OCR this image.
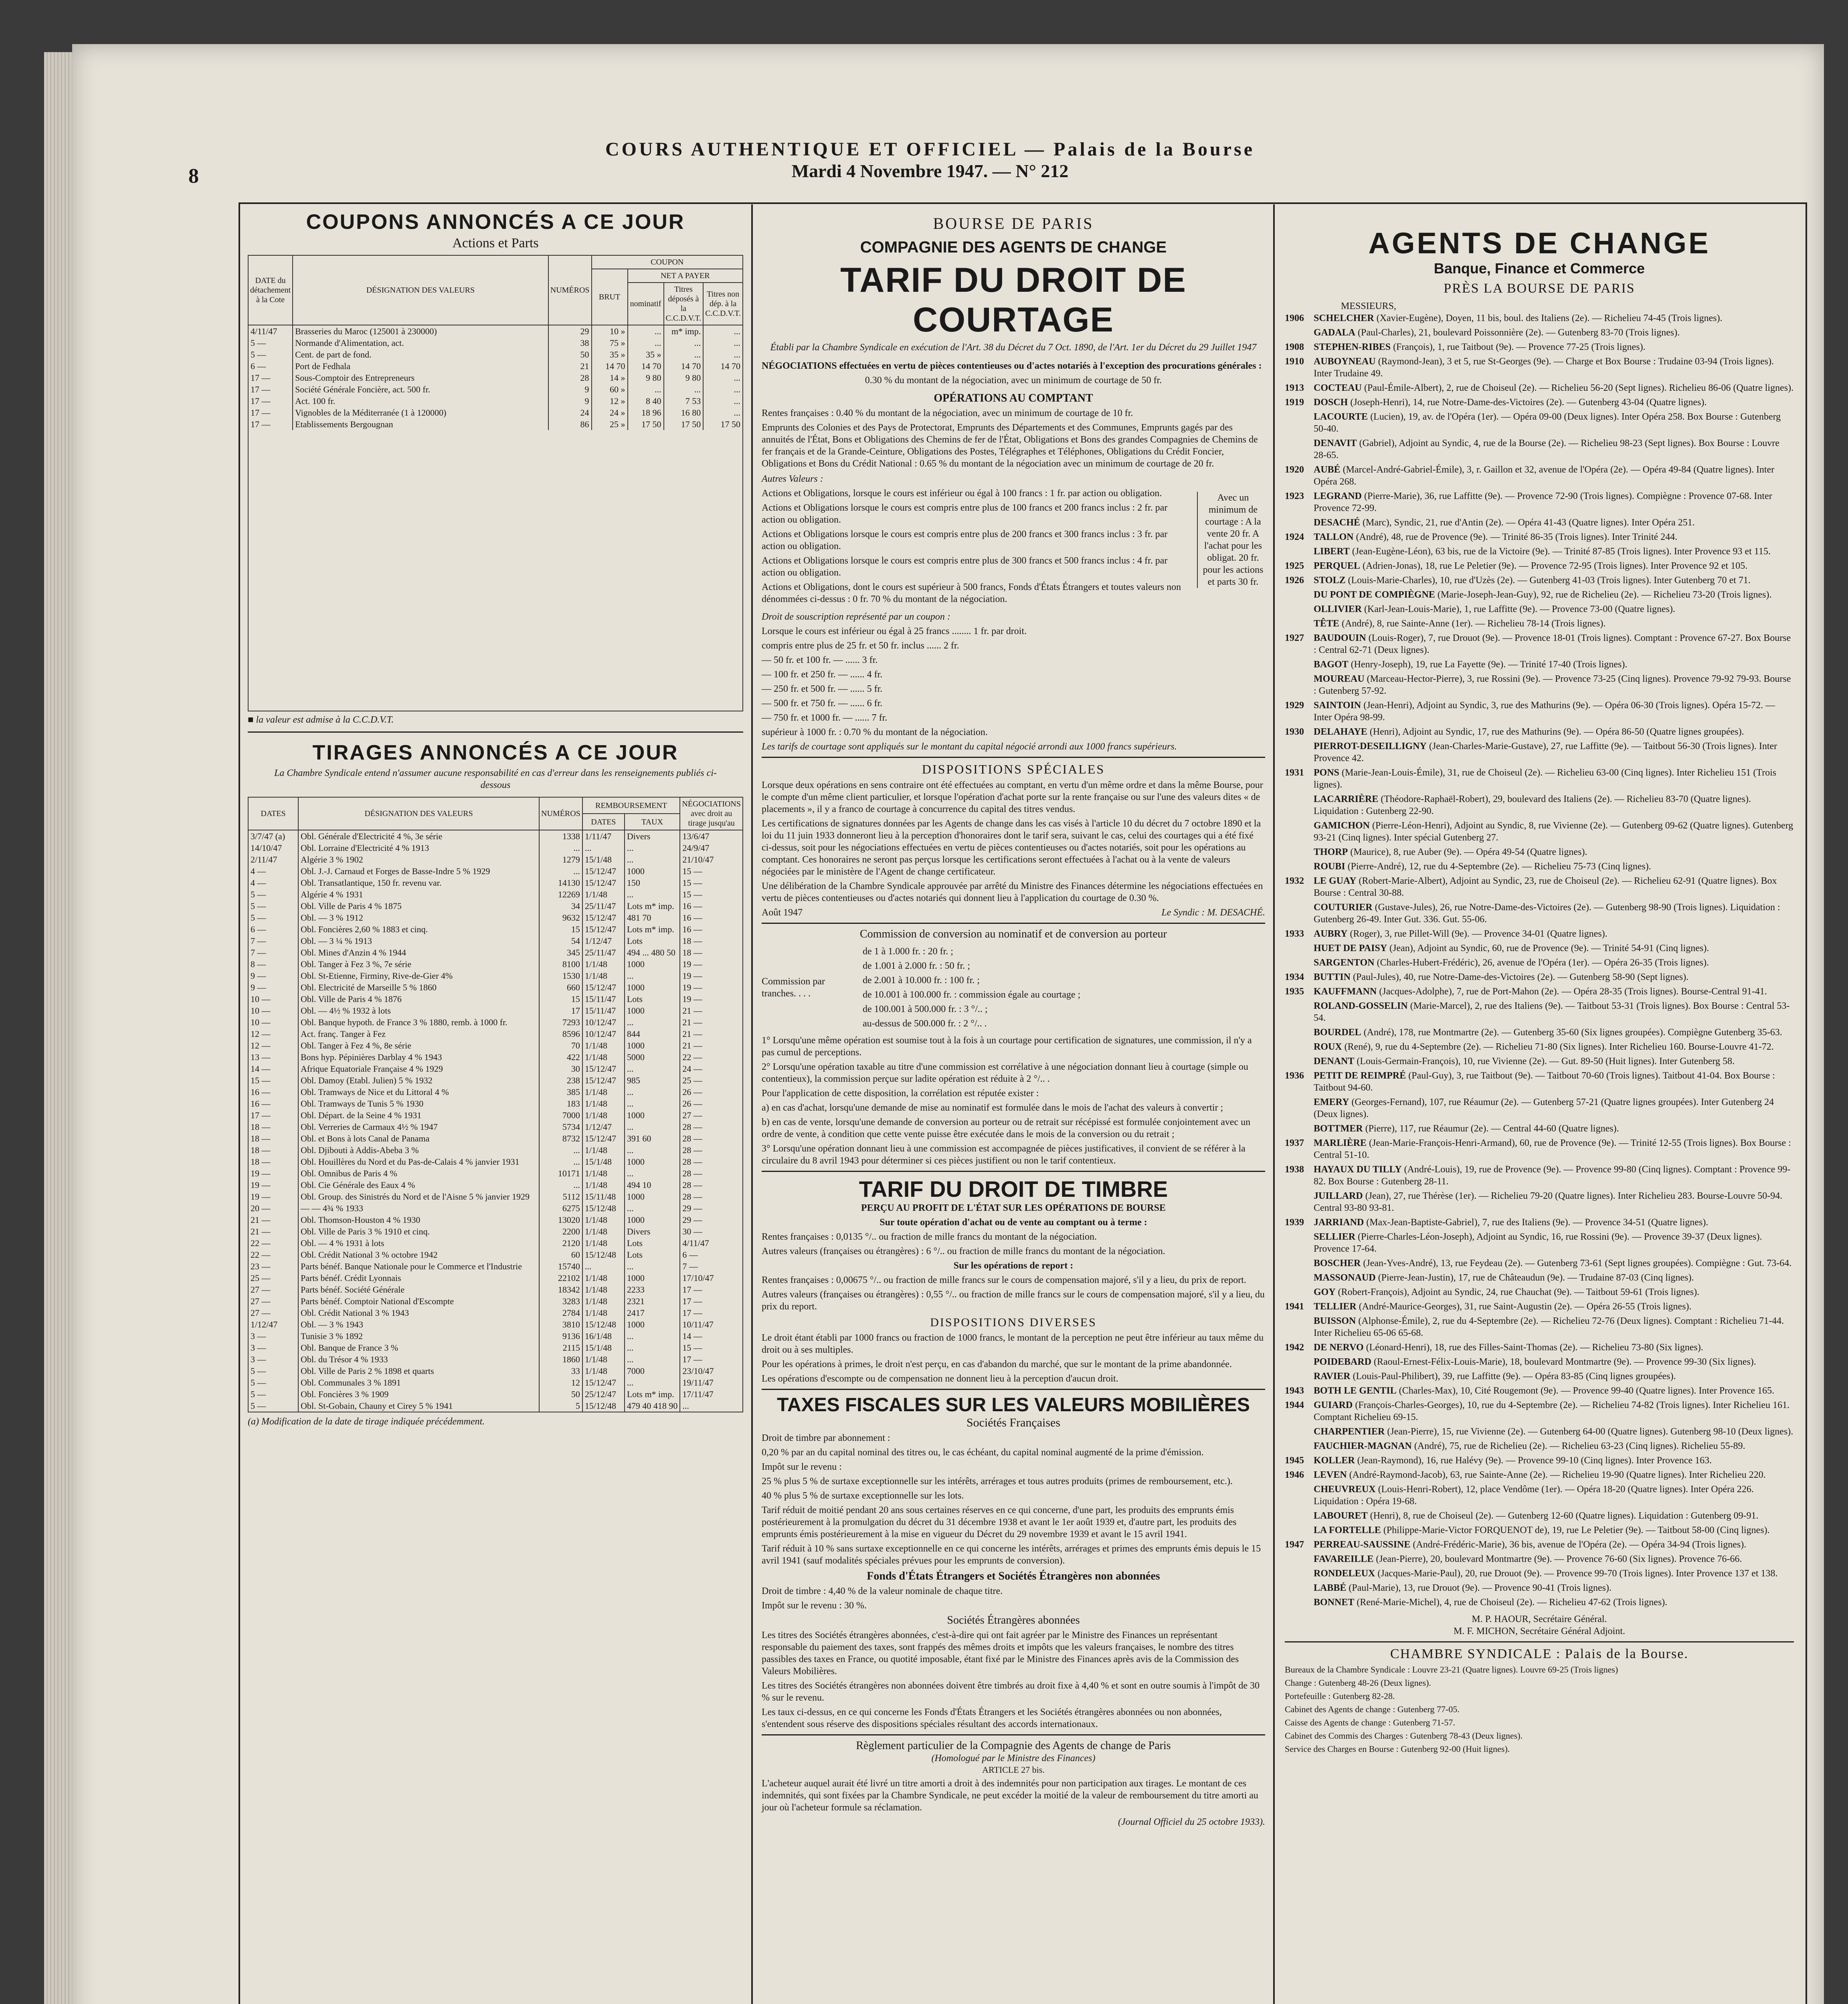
8
COURS AUTHENTIQUE ET OFFICIEL — Palais de la Bourse
Mardi 4 Novembre 1947. — N° 212
COUPONS ANNONCÉS A CE JOUR
Actions et Parts
DATE du détachement à la Cote	DÉSIGNATION DES VALEURS	NUMÉROS	COUPON			
			BRUT	NET A PAYER		
				nominatif	Titres déposés à la C.C.D.V.T.	Titres non dép. à la C.C.D.V.T.
4/11/47	Brasseries du Maroc (125001 à 230000)	29	10 »	...	m* imp.	...
5 —	Normande d'Alimentation, act.	38	75 »	...	...	...
5 —	Cent. de part de fond.	50	35 »	35 »	...	...
6 —	Port de Fedhala	21	14 70	14 70	14 70	14 70
17 —	Sous-Comptoir des Entrepreneurs	28	14 »	9 80	9 80	...
17 —	Société Générale Foncière, act. 500 fr.	9	60 »	...	...	...
17 —	Act. 100 fr.	9	12 »	8 40	7 53	...
17 —	Vignobles de la Méditerranée (1 à 120000)	24	24 »	18 96	16 80	...
17 —	Etablissements Bergougnan	86	25 »	17 50	17 50	17 50
■ la valeur est admise à la C.C.D.V.T.
TIRAGES ANNONCÉS A CE JOUR
La Chambre Syndicale entend n'assumer aucune responsabilité en cas d'erreur dans les renseignements publiés ci-dessous
DATES	DÉSIGNATION DES VALEURS	NUMÉROS	REMBOURSEMENT		NÉGOCIATIONS avec droit au tirage jusqu'au
			DATES	TAUX	
3/7/47 (a)	Obl. Générale d'Electricité 4 %, 3e série	1338	1/11/47	Divers	13/6/47
14/10/47	Obl. Lorraine d'Electricité 4 % 1913	...	...	...	24/9/47
2/11/47	Algérie 3 % 1902	1279	15/1/48	...	21/10/47
4 —	Obl. J.-J. Carnaud et Forges de Basse-Indre 5 % 1929	...	15/12/47	1000	15 —
4 —	Obl. Transatlantique, 150 fr. revenu var.	14130	15/12/47	150	15 —
5 —	Algérie 4 % 1931	12269	1/1/48	...	15 —
5 —	Obl. Ville de Paris 4 % 1875	34	25/11/47	Lots m* imp.	16 —
5 —	Obl. — 3 % 1912	9632	15/12/47	481 70	16 —
6 —	Obl. Foncières 2,60 % 1883 et cinq.	15	15/12/47	Lots m* imp.	16 —
7 —	Obl. — 3 ¼ % 1913	54	1/12/47	Lots	18 —
7 —	Obl. Mines d'Anzin 4 % 1944	345	25/11/47	494 ... 480 50	18 —
8 —	Obl. Tanger à Fez 3 %, 7e série	8100	1/1/48	1000	19 —
9 —	Obl. St-Etienne, Firminy, Rive-de-Gier 4%	1530	1/1/48	...	19 —
9 —	Obl. Electricité de Marseille 5 % 1860	660	15/12/47	1000	19 —
10 —	Obl. Ville de Paris 4 % 1876	15	15/11/47	Lots	19 —
10 —	Obl. — 4½ % 1932 à lots	17	15/11/47	1000	21 —
10 —	Obl. Banque hypoth. de France 3 % 1880, remb. à 1000 fr.	7293	10/12/47	...	21 —
12 —	Act. franç. Tanger à Fez	8596	10/12/47	844	21 —
12 —	Obl. Tanger à Fez 4 %, 8e série	70	1/1/48	1000	21 —
13 —	Bons hyp. Pépinières Darblay 4 % 1943	422	1/1/48	5000	22 —
14 —	Afrique Equatoriale Française 4 % 1929	30	15/12/47	...	24 —
15 —	Obl. Damoy (Etabl. Julien) 5 % 1932	238	15/12/47	985	25 —
16 —	Obl. Tramways de Nice et du Littoral 4 %	385	1/1/48	...	26 —
16 —	Obl. Tramways de Tunis 5 % 1930	183	1/1/48	...	26 —
17 —	Obl. Départ. de la Seine 4 % 1931	7000	1/1/48	1000	27 —
18 —	Obl. Verreries de Carmaux 4½ % 1947	5734	1/12/47	...	28 —
18 —	Obl. et Bons à lots Canal de Panama	8732	15/12/47	391 60	28 —
18 —	Obl. Djibouti à Addis-Abeba 3 %	...	1/1/48	...	28 —
18 —	Obl. Houillères du Nord et du Pas-de-Calais 4 % janvier 1931	...	15/1/48	1000	28 —
19 —	Obl. Omnibus de Paris 4 %	10171	1/1/48	...	28 —
19 —	Obl. Cie Générale des Eaux 4 %	...	1/1/48	494 10	28 —
19 —	Obl. Group. des Sinistrés du Nord et de l'Aisne 5 % janvier 1929	5112	15/11/48	1000	28 —
20 —	— — 4¾ % 1933	6275	15/12/48	...	29 —
21 —	Obl. Thomson-Houston 4 % 1930	13020	1/1/48	1000	29 —
21 —	Obl. Ville de Paris 3 % 1910 et cinq.	2200	1/1/48	Divers	30 —
22 —	Obl. — 4 % 1931 à lots	2120	1/1/48	Lots	4/11/47
22 —	Obl. Crédit National 3 % octobre 1942	60	15/12/48	Lots	6 —
23 —	Parts bénéf. Banque Nationale pour le Commerce et l'Industrie	15740	...	...	7 —
25 —	Parts bénéf. Crédit Lyonnais	22102	1/1/48	1000	17/10/47
27 —	Parts bénéf. Société Générale	18342	1/1/48	2233	17 —
27 —	Parts bénéf. Comptoir National d'Escompte	3283	1/1/48	2321	17 —
27 —	Obl. Crédit National 3 % 1943	2784	1/1/48	2417	17 —
1/12/47	Obl. — 3 % 1943	3810	15/12/48	1000	10/11/47
3 —	Tunisie 3 % 1892	9136	16/1/48	...	14 —
3 —	Obl. Banque de France 3 %	2115	15/1/48	...	15 —
3 —	Obl. du Trésor 4 % 1933	1860	1/1/48	...	17 —
5 —	Obl. Ville de Paris 2 % 1898 et quarts	33	1/1/48	7000	23/10/47
5 —	Obl. Communales 3 % 1891	12	15/12/47	...	19/11/47
5 —	Obl. Foncières 3 % 1909	50	25/12/47	Lots m* imp.	17/11/47
5 —	Obl. St-Gobain, Chauny et Cirey 5 % 1941	5	15/12/48	479 40 418 90	...
(a) Modification de la date de tirage indiquée précédemment.
BOURSE DE PARIS
COMPAGNIE DES AGENTS DE CHANGE
TARIF DU DROIT DE COURTAGE
Établi par la Chambre Syndicale en exécution de l'Art. 38 du Décret du 7 Oct. 1890, de l'Art. 1er du Décret du 29 Juillet 1947

NÉGOCIATIONS effectuées en vertu de pièces contentieuses ou d'actes notariés à l'exception des procurations générales :

0.30 % du montant de la négociation, avec un minimum de courtage de 50 fr.

OPÉRATIONS AU COMPTANT

Rentes françaises : 0.40 % du montant de la négociation, avec un minimum de courtage de 10 fr.

Emprunts des Colonies et des Pays de Protectorat, Emprunts des Départements et des Communes, Emprunts gagés par des annuités de l'État, Bons et Obligations des Chemins de fer de l'État, Obligations et Bons des grandes Compagnies de Chemins de fer français et de la Grande-Ceinture, Obligations des Postes, Télégraphes et Téléphones, Obligations du Crédit Foncier, Obligations et Bons du Crédit National : 0.65 % du montant de la négociation avec un minimum de courtage de 20 fr.

Autres Valeurs :

Actions et Obligations, lorsque le cours est inférieur ou égal à 100 francs : 1 fr. par action ou obligation.

Actions et Obligations lorsque le cours est compris entre plus de 100 francs et 200 francs inclus : 2 fr. par action ou obligation.

Actions et Obligations lorsque le cours est compris entre plus de 200 francs et 300 francs inclus : 3 fr. par action ou obligation.

Actions et Obligations lorsque le cours est compris entre plus de 300 francs et 500 francs inclus : 4 fr. par action ou obligation.

Actions et Obligations, dont le cours est supérieur à 500 francs, Fonds d'États Étrangers et toutes valeurs non dénommées ci-dessus : 0 fr. 70 % du montant de la négociation.

Avec un minimum de courtage : A la vente 20 fr. A l'achat pour les obligat. 20 fr. pour les actions et parts 30 fr.

Droit de souscription représenté par un coupon :

Lorsque le cours est inférieur ou égal à 25 francs ........ 1 fr. par droit.

compris entre plus de 25 fr. et 50 fr. inclus ...... 2 fr.

— 50 fr. et 100 fr. — ...... 3 fr.

— 100 fr. et 250 fr. — ...... 4 fr.

— 250 fr. et 500 fr. — ...... 5 fr.

— 500 fr. et 750 fr. — ...... 6 fr.

— 750 fr. et 1000 fr. — ...... 7 fr.

supérieur à 1000 fr. : 0.70 % du montant de la négociation.

Les tarifs de courtage sont appliqués sur le montant du capital négocié arrondi aux 1000 francs supérieurs.

DISPOSITIONS SPÉCIALES

Lorsque deux opérations en sens contraire ont été effectuées au comptant, en vertu d'un même ordre et dans la même Bourse, pour le compte d'un même client particulier, et lorsque l'opération d'achat porte sur la rente française ou sur l'une des valeurs dites « de placements », il y a franco de courtage à concurrence du capital des titres vendus.

Les certifications de signatures données par les Agents de change dans les cas visés à l'article 10 du décret du 7 octobre 1890 et la loi du 11 juin 1933 donneront lieu à la perception d'honoraires dont le tarif sera, suivant le cas, celui des courtages qui a été fixé ci-dessus, soit pour les négociations effectuées en vertu de pièces contentieuses ou d'actes notariés, soit pour les opérations au comptant. Ces honoraires ne seront pas perçus lorsque les certifications seront effectuées à l'achat ou à la vente de valeurs négociées par le ministère de l'Agent de change certificateur.

Une délibération de la Chambre Syndicale approuvée par arrêté du Ministre des Finances détermine les négociations effectuées en vertu de pièces contentieuses ou d'actes notariés qui donnent lieu à l'application du courtage de 0.30 %.

Août 1947	Le Syndic : M. DESACHÉ.
Commission de conversion au nominatif et de conversion au porteur
Commission par tranches. . . .

de 1 à 1.000 fr. : 20 fr. ;

de 1.001 à 2.000 fr. : 50 fr. ;

de 2.001 à 10.000 fr. : 100 fr. ;

de 10.001 à 100.000 fr. : commission égale au courtage ;

de 100.001 à 500.000 fr. : 3 °/.. ;

au-dessus de 500.000 fr. : 2 °/.. .

1° Lorsqu'une même opération est soumise tout à la fois à un courtage pour certification de signatures, une commission, il n'y a pas cumul de perceptions.

2° Lorsqu'une opération taxable au titre d'une commission est corrélative à une négociation donnant lieu à courtage (simple ou contentieux), la commission perçue sur ladite opération est réduite à 2 °/.. .

Pour l'application de cette disposition, la corrélation est réputée exister :

a) en cas d'achat, lorsqu'une demande de mise au nominatif est formulée dans le mois de l'achat des valeurs à convertir ;

b) en cas de vente, lorsqu'une demande de conversion au porteur ou de retrait sur récépissé est formulée conjointement avec un ordre de vente, à condition que cette vente puisse être exécutée dans le mois de la conversion ou du retrait ;

3° Lorsqu'une opération donnant lieu à une commission est accompagnée de pièces justificatives, il convient de se référer à la circulaire du 8 avril 1943 pour déterminer si ces pièces justifient ou non le tarif contentieux.

TARIF DU DROIT DE TIMBRE
PERÇU AU PROFIT DE L'ÉTAT SUR LES OPÉRATIONS DE BOURSE

Sur toute opération d'achat ou de vente au comptant ou à terme :

Rentes françaises : 0,0135 °/.. ou fraction de mille francs du montant de la négociation.

Autres valeurs (françaises ou étrangères) : 6 °/.. ou fraction de mille francs du montant de la négociation.

Sur les opérations de report :

Rentes françaises : 0,00675 °/.. ou fraction de mille francs sur le cours de compensation majoré, s'il y a lieu, du prix de report.

Autres valeurs (françaises ou étrangères) : 0,55 °/.. ou fraction de mille francs sur le cours de compensation majoré, s'il y a lieu, du prix du report.

DISPOSITIONS DIVERSES

Le droit étant établi par 1000 francs ou fraction de 1000 francs, le montant de la perception ne peut être inférieur au taux même du droit ou à ses multiples.

Pour les opérations à primes, le droit n'est perçu, en cas d'abandon du marché, que sur le montant de la prime abandonnée.

Les opérations d'escompte ou de compensation ne donnent lieu à la perception d'aucun droit.

TAXES FISCALES SUR LES VALEURS MOBILIÈRES
Sociétés Françaises

Droit de timbre par abonnement :

0,20 % par an du capital nominal des titres ou, le cas échéant, du capital nominal augmenté de la prime d'émission.

Impôt sur le revenu :

25 % plus 5 % de surtaxe exceptionnelle sur les intérêts, arrérages et tous autres produits (primes de remboursement, etc.).

40 % plus 5 % de surtaxe exceptionnelle sur les lots.

Tarif réduit de moitié pendant 20 ans sous certaines réserves en ce qui concerne, d'une part, les produits des emprunts émis postérieurement à la promulgation du décret du 31 décembre 1938 et avant le 1er août 1939 et, d'autre part, les produits des emprunts émis postérieurement à la mise en vigueur du Décret du 29 novembre 1939 et avant le 15 avril 1941.

Tarif réduit à 10 % sans surtaxe exceptionnelle en ce qui concerne les intérêts, arrérages et primes des emprunts émis depuis le 15 avril 1941 (sauf modalités spéciales prévues pour les emprunts de conversion).

Fonds d'États Étrangers et Sociétés Étrangères non abonnées

Droit de timbre : 4,40 % de la valeur nominale de chaque titre.

Impôt sur le revenu : 30 %.

Sociétés Étrangères abonnées

Les titres des Sociétés étrangères abonnées, c'est-à-dire qui ont fait agréer par le Ministre des Finances un représentant responsable du paiement des taxes, sont frappés des mêmes droits et impôts que les valeurs françaises, le nombre des titres passibles des taxes en France, ou quotité imposable, étant fixé par le Ministre des Finances après avis de la Commission des Valeurs Mobilières.

Les titres des Sociétés étrangères non abonnées doivent être timbrés au droit fixe à 4,40 % et sont en outre soumis à l'impôt de 30 % sur le revenu.

Les taux ci-dessus, en ce qui concerne les Fonds d'États Étrangers et les Sociétés étrangères abonnées ou non abonnées, s'entendent sous réserve des dispositions spéciales résultant des accords internationaux.

Règlement particulier de la Compagnie des Agents de change de Paris
(Homologué par le Ministre des Finances)
ARTICLE 27 bis.

L'acheteur auquel aurait été livré un titre amorti a droit à des indemnités pour non participation aux tirages. Le montant de ces indemnités, qui sont fixées par la Chambre Syndicale, ne peut excéder la moitié de la valeur de remboursement du titre amorti au jour où l'acheteur formule sa réclamation.

(Journal Officiel du 25 octobre 1933).
AGENTS DE CHANGE
Banque, Finance et Commerce
PRÈS LA BOURSE DE PARIS
MESSIEURS,
1906 SCHELCHER (Xavier-Eugène), Doyen, 11 bis, boul. des Italiens (2e). — Richelieu 74-45 (Trois lignes).
GADALA (Paul-Charles), 21, boulevard Poissonnière (2e). — Gutenberg 83-70 (Trois lignes).
1908 STEPHEN-RIBES (François), 1, rue Taitbout (9e). — Provence 77-25 (Trois lignes).
1910 AUBOYNEAU (Raymond-Jean), 3 et 5, rue St-Georges (9e). — Charge et Box Bourse : Trudaine 03-94 (Trois lignes). Inter Trudaine 49.
1913 COCTEAU (Paul-Émile-Albert), 2, rue de Choiseul (2e). — Richelieu 56-20 (Sept lignes). Richelieu 86-06 (Quatre lignes).
1919 DOSCH (Joseph-Henri), 14, rue Notre-Dame-des-Victoires (2e). — Gutenberg 43-04 (Quatre lignes).
LACOURTE (Lucien), 19, av. de l'Opéra (1er). — Opéra 09-00 (Deux lignes). Inter Opéra 258. Box Bourse : Gutenberg 50-40.
DENAVIT (Gabriel), Adjoint au Syndic, 4, rue de la Bourse (2e). — Richelieu 98-23 (Sept lignes). Box Bourse : Louvre 28-65.
1920 AUBÉ (Marcel-André-Gabriel-Émile), 3, r. Gaillon et 32, avenue de l'Opéra (2e). — Opéra 49-84 (Quatre lignes). Inter Opéra 268.
1923 LEGRAND (Pierre-Marie), 36, rue Laffitte (9e). — Provence 72-90 (Trois lignes). Compiègne : Provence 07-68. Inter Provence 72-99.
DESACHÉ (Marc), Syndic, 21, rue d'Antin (2e). — Opéra 41-43 (Quatre lignes). Inter Opéra 251.
1924 TALLON (André), 48, rue de Provence (9e). — Trinité 86-35 (Trois lignes). Inter Trinité 244.
LIBERT (Jean-Eugène-Léon), 63 bis, rue de la Victoire (9e). — Trinité 87-85 (Trois lignes). Inter Provence 93 et 115.
1925 PERQUEL (Adrien-Jonas), 18, rue Le Peletier (9e). — Provence 72-95 (Trois lignes). Inter Provence 92 et 105.
1926 STOLZ (Louis-Marie-Charles), 10, rue d'Uzès (2e). — Gutenberg 41-03 (Trois lignes). Inter Gutenberg 70 et 71.
DU PONT DE COMPIÈGNE (Marie-Joseph-Jean-Guy), 92, rue de Richelieu (2e). — Richelieu 73-20 (Trois lignes).
OLLIVIER (Karl-Jean-Louis-Marie), 1, rue Laffitte (9e). — Provence 73-00 (Quatre lignes).
TÊTE (André), 8, rue Sainte-Anne (1er). — Richelieu 78-14 (Trois lignes).
1927 BAUDOUIN (Louis-Roger), 7, rue Drouot (9e). — Provence 18-01 (Trois lignes). Comptant : Provence 67-27. Box Bourse : Central 62-71 (Deux lignes).
BAGOT (Henry-Joseph), 19, rue La Fayette (9e). — Trinité 17-40 (Trois lignes).
MOUREAU (Marceau-Hector-Pierre), 3, rue Rossini (9e). — Provence 73-25 (Cinq lignes). Provence 79-92 79-93. Bourse : Gutenberg 57-92.
1929 SAINTOIN (Jean-Henri), Adjoint au Syndic, 3, rue des Mathurins (9e). — Opéra 06-30 (Trois lignes). Opéra 15-72. — Inter Opéra 98-99.
1930 DELAHAYE (Henri), Adjoint au Syndic, 17, rue des Mathurins (9e). — Opéra 86-50 (Quatre lignes groupées).
PIERROT-DESEILLIGNY (Jean-Charles-Marie-Gustave), 27, rue Laffitte (9e). — Taitbout 56-30 (Trois lignes). Inter Provence 42.
1931 PONS (Marie-Jean-Louis-Émile), 31, rue de Choiseul (2e). — Richelieu 63-00 (Cinq lignes). Inter Richelieu 151 (Trois lignes).
LACARRIÈRE (Théodore-Raphaël-Robert), 29, boulevard des Italiens (2e). — Richelieu 83-70 (Quatre lignes). Liquidation : Gutenberg 22-90.
GAMICHON (Pierre-Léon-Henri), Adjoint au Syndic, 8, rue Vivienne (2e). — Gutenberg 09-62 (Quatre lignes). Gutenberg 93-21 (Cinq lignes). Inter spécial Gutenberg 27.
THORP (Maurice), 8, rue Auber (9e). — Opéra 49-54 (Quatre lignes).
ROUBI (Pierre-André), 12, rue du 4-Septembre (2e). — Richelieu 75-73 (Cinq lignes).
1932 LE GUAY (Robert-Marie-Albert), Adjoint au Syndic, 23, rue de Choiseul (2e). — Richelieu 62-91 (Quatre lignes). Box Bourse : Central 30-88.
COUTURIER (Gustave-Jules), 26, rue Notre-Dame-des-Victoires (2e). — Gutenberg 98-90 (Trois lignes). Liquidation : Gutenberg 26-49. Inter Gut. 336. Gut. 55-06.
1933 AUBRY (Roger), 3, rue Pillet-Will (9e). — Provence 34-01 (Quatre lignes).
HUET DE PAISY (Jean), Adjoint au Syndic, 60, rue de Provence (9e). — Trinité 54-91 (Cinq lignes).
SARGENTON (Charles-Hubert-Frédéric), 26, avenue de l'Opéra (1er). — Opéra 26-35 (Trois lignes).
1934 BUTTIN (Paul-Jules), 40, rue Notre-Dame-des-Victoires (2e). — Gutenberg 58-90 (Sept lignes).
1935 KAUFFMANN (Jacques-Adolphe), 7, rue de Port-Mahon (2e). — Opéra 28-35 (Trois lignes). Bourse-Central 91-41.
ROLAND-GOSSELIN (Marie-Marcel), 2, rue des Italiens (9e). — Taitbout 53-31 (Trois lignes). Box Bourse : Central 53-54.
BOURDEL (André), 178, rue Montmartre (2e). — Gutenberg 35-60 (Six lignes groupées). Compiègne Gutenberg 35-63.
ROUX (René), 9, rue du 4-Septembre (2e). — Richelieu 71-80 (Six lignes). Inter Richelieu 160. Bourse-Louvre 41-72.
DENANT (Louis-Germain-François), 10, rue Vivienne (2e). — Gut. 89-50 (Huit lignes). Inter Gutenberg 58.
1936 PETIT DE REIMPRÉ (Paul-Guy), 3, rue Taitbout (9e). — Taitbout 70-60 (Trois lignes). Taitbout 41-04. Box Bourse : Taitbout 94-60.
EMERY (Georges-Fernand), 107, rue Réaumur (2e). — Gutenberg 57-21 (Quatre lignes groupées). Inter Gutenberg 24 (Deux lignes).
BOTTMER (Pierre), 117, rue Réaumur (2e). — Central 44-60 (Quatre lignes).
1937 MARLIÈRE (Jean-Marie-François-Henri-Armand), 60, rue de Provence (9e). — Trinité 12-55 (Trois lignes). Box Bourse : Central 51-10.
1938 HAYAUX DU TILLY (André-Louis), 19, rue de Provence (9e). — Provence 99-80 (Cinq lignes). Comptant : Provence 99-82. Box Bourse : Gutenberg 28-11.
JUILLARD (Jean), 27, rue Thérèse (1er). — Richelieu 79-20 (Quatre lignes). Inter Richelieu 283. Bourse-Louvre 50-94. Central 93-80 93-81.
1939 JARRIAND (Max-Jean-Baptiste-Gabriel), 7, rue des Italiens (9e). — Provence 34-51 (Quatre lignes).
SELLIER (Pierre-Charles-Léon-Joseph), Adjoint au Syndic, 16, rue Rossini (9e). — Provence 39-37 (Deux lignes). Provence 17-64.
BOSCHER (Jean-Yves-André), 13, rue Feydeau (2e). — Gutenberg 73-61 (Sept lignes groupées). Compiègne : Gut. 73-64.
MASSONAUD (Pierre-Jean-Justin), 17, rue de Châteaudun (9e). — Trudaine 87-03 (Cinq lignes).
GOY (Robert-François), Adjoint au Syndic, 24, rue Chauchat (9e). — Taitbout 59-61 (Trois lignes).
1941 TELLIER (André-Maurice-Georges), 31, rue Saint-Augustin (2e). — Opéra 26-55 (Trois lignes).
BUISSON (Alphonse-Émile), 2, rue du 4-Septembre (2e). — Richelieu 72-76 (Deux lignes). Comptant : Richelieu 71-44. Inter Richelieu 65-06 65-68.
1942 DE NERVO (Léonard-Henri), 18, rue des Filles-Saint-Thomas (2e). — Richelieu 73-80 (Six lignes).
POIDEBARD (Raoul-Ernest-Félix-Louis-Marie), 18, boulevard Montmartre (9e). — Provence 99-30 (Six lignes).
RAVIER (Louis-Paul-Philibert), 39, rue Laffitte (9e). — Opéra 83-85 (Cinq lignes groupées).
1943 BOTH LE GENTIL (Charles-Max), 10, Cité Rougemont (9e). — Provence 99-40 (Quatre lignes). Inter Provence 165.
1944 GUIARD (François-Charles-Georges), 10, rue du 4-Septembre (2e). — Richelieu 74-82 (Trois lignes). Inter Richelieu 161. Comptant Richelieu 69-15.
CHARPENTIER (Jean-Pierre), 15, rue Vivienne (2e). — Gutenberg 64-00 (Quatre lignes). Gutenberg 98-10 (Deux lignes).
FAUCHIER-MAGNAN (André), 75, rue de Richelieu (2e). — Richelieu 63-23 (Cinq lignes). Richelieu 55-89.
1945 KOLLER (Jean-Raymond), 16, rue Halévy (9e). — Provence 99-10 (Cinq lignes). Inter Provence 163.
1946 LEVEN (André-Raymond-Jacob), 63, rue Sainte-Anne (2e). — Richelieu 19-90 (Quatre lignes). Inter Richelieu 220.
CHEUVREUX (Louis-Henri-Robert), 12, place Vendôme (1er). — Opéra 18-20 (Quatre lignes). Inter Opéra 226. Liquidation : Opéra 19-68.
LABOURET (Henri), 8, rue de Choiseul (2e). — Gutenberg 12-60 (Quatre lignes). Liquidation : Gutenberg 09-91.
LA FORTELLE (Philippe-Marie-Victor FORQUENOT de), 19, rue Le Peletier (9e). — Taitbout 58-00 (Cinq lignes).
1947 PERREAU-SAUSSINE (André-Frédéric-Marie), 36 bis, avenue de l'Opéra (2e). — Opéra 34-94 (Trois lignes).
FAVAREILLE (Jean-Pierre), 20, boulevard Montmartre (9e). — Provence 76-60 (Six lignes). Provence 76-66.
RONDELEUX (Jacques-Marie-Paul), 20, rue Drouot (9e). — Provence 99-70 (Trois lignes). Inter Provence 137 et 138.
LABBÉ (Paul-Marie), 13, rue Drouot (9e). — Provence 90-41 (Trois lignes).
BONNET (René-Marie-Michel), 4, rue de Choiseul (2e). — Richelieu 47-62 (Trois lignes).
M. P. HAOUR, Secrétaire Général.
M. F. MICHON, Secrétaire Général Adjoint.
CHAMBRE SYNDICALE : Palais de la Bourse.

Bureaux de la Chambre Syndicale : Louvre 23-21 (Quatre lignes). Louvre 69-25 (Trois lignes)

Change : Gutenberg 48-26 (Deux lignes).

Portefeuille : Gutenberg 82-28.

Cabinet des Agents de change : Gutenberg 77-05.

Caisse des Agents de change : Gutenberg 71-57.

Cabinet des Commis des Charges : Gutenberg 78-43 (Deux lignes).

Service des Charges en Bourse : Gutenberg 92-00 (Huit lignes).
